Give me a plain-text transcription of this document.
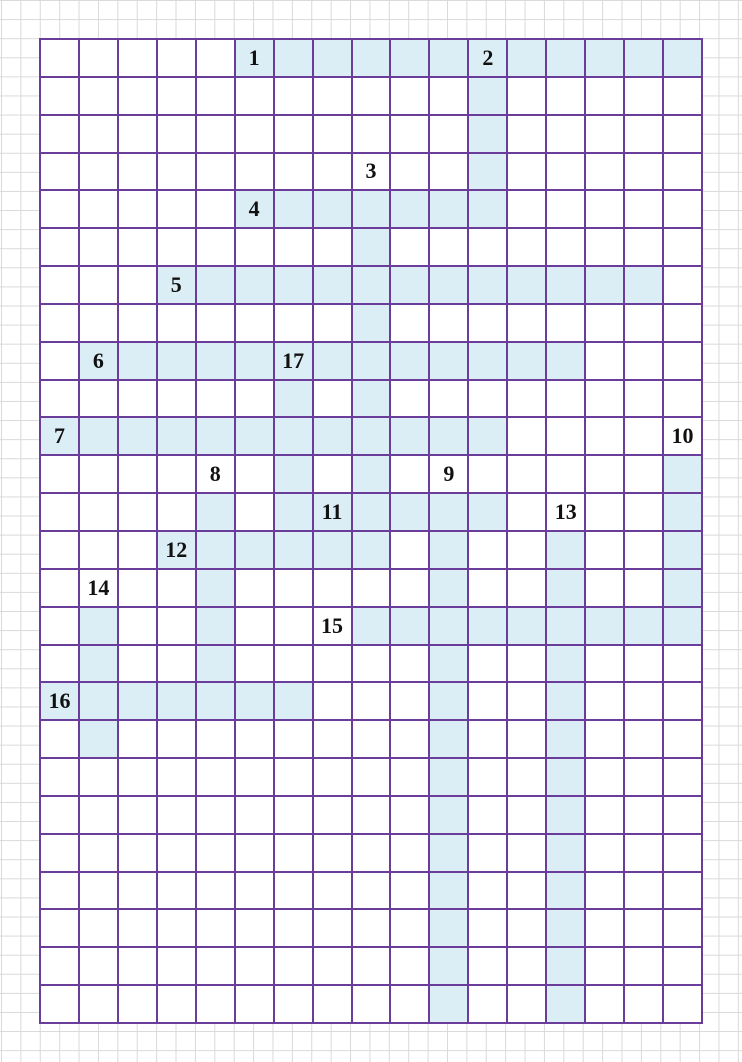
1	2
3
4
5
6	17
7	10
8	9
11	13
12
14
15
16
